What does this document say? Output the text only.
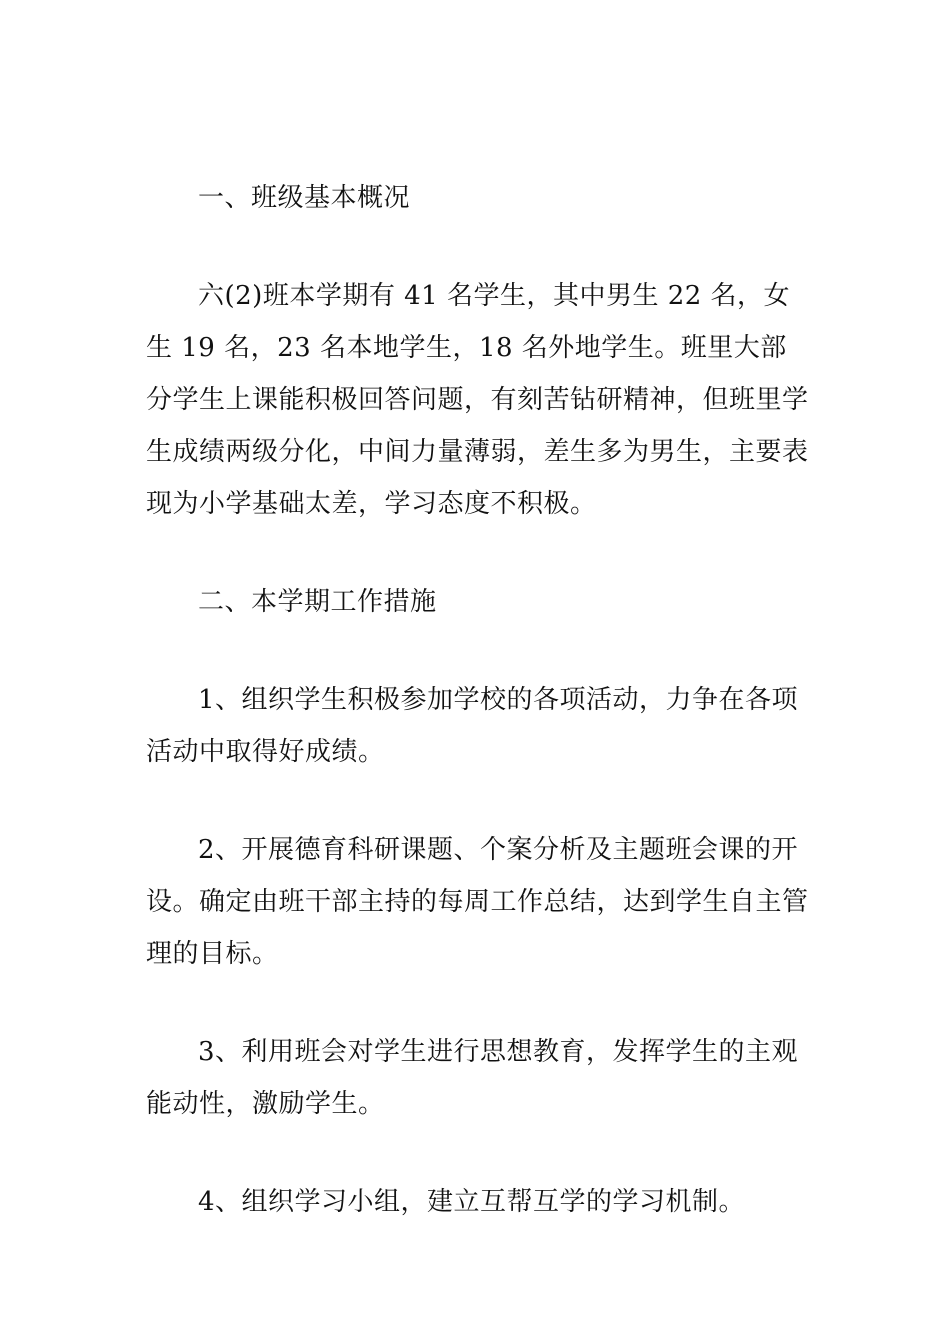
一、班级基本概况

六(2)班本学期有 41 名学生，其中男生 22 名，女生 19 名，23 名本地学生，18 名外地学生。班里大部分学生上课能积极回答问题，有刻苦钻研精神，但班里学生成绩两级分化，中间力量薄弱，差生多为男生，主要表现为小学基础太差，学习态度不积极。

二、本学期工作措施

1、组织学生积极参加学校的各项活动，力争在各项活动中取得好成绩。

2、开展德育科研课题、个案分析及主题班会课的开设。确定由班干部主持的每周工作总结，达到学生自主管理的目标。

3、利用班会对学生进行思想教育，发挥学生的主观能动性，激励学生。

4、组织学习小组，建立互帮互学的学习机制。
